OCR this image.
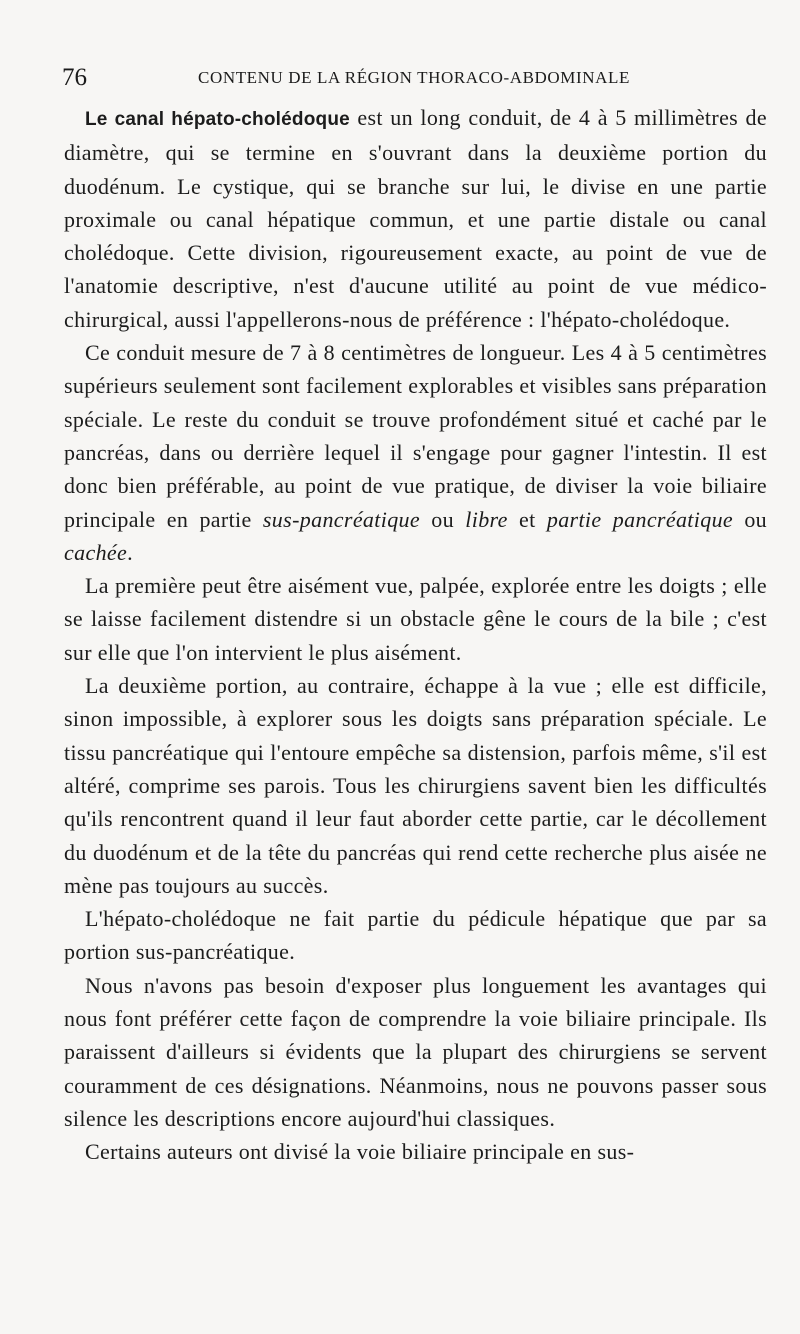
76	CONTENU DE LA RÉGION THORACO-ABDOMINALE

Le canal hépato-cholédoque est un long conduit, de 4 à 5 millimètres de diamètre, qui se termine en s'ouvrant dans la deuxième portion du duodénum. Le cystique, qui se branche sur lui, le divise en une partie proximale ou canal hépatique commun, et une partie distale ou canal cholédoque. Cette division, rigoureusement exacte, au point de vue de l'anatomie descriptive, n'est d'aucune utilité au point de vue médico-chirurgical, aussi l'appellerons-nous de préférence : l'hépato-cholédoque.

Ce conduit mesure de 7 à 8 centimètres de longueur. Les 4 à 5 centimètres supérieurs seulement sont facilement explorables et visibles sans préparation spéciale. Le reste du conduit se trouve profondément situé et caché par le pancréas, dans ou derrière lequel il s'engage pour gagner l'intestin. Il est donc bien préférable, au point de vue pratique, de diviser la voie biliaire principale en partie sus-pancréatique ou libre et partie pancréatique ou cachée.

La première peut être aisément vue, palpée, explorée entre les doigts ; elle se laisse facilement distendre si un obstacle gêne le cours de la bile ; c'est sur elle que l'on intervient le plus aisément.

La deuxième portion, au contraire, échappe à la vue ; elle est difficile, sinon impossible, à explorer sous les doigts sans préparation spéciale. Le tissu pancréatique qui l'entoure empêche sa distension, parfois même, s'il est altéré, comprime ses parois. Tous les chirurgiens savent bien les difficultés qu'ils rencontrent quand il leur faut aborder cette partie, car le décollement du duodénum et de la tête du pancréas qui rend cette recherche plus aisée ne mène pas toujours au succès.

L'hépato-cholédoque ne fait partie du pédicule hépatique que par sa portion sus-pancréatique.

Nous n'avons pas besoin d'exposer plus longuement les avantages qui nous font préférer cette façon de comprendre la voie biliaire principale. Ils paraissent d'ailleurs si évidents que la plupart des chirurgiens se servent couramment de ces désignations. Néanmoins, nous ne pouvons passer sous silence les descriptions encore aujourd'hui classiques.

Certains auteurs ont divisé la voie biliaire principale en sus-
